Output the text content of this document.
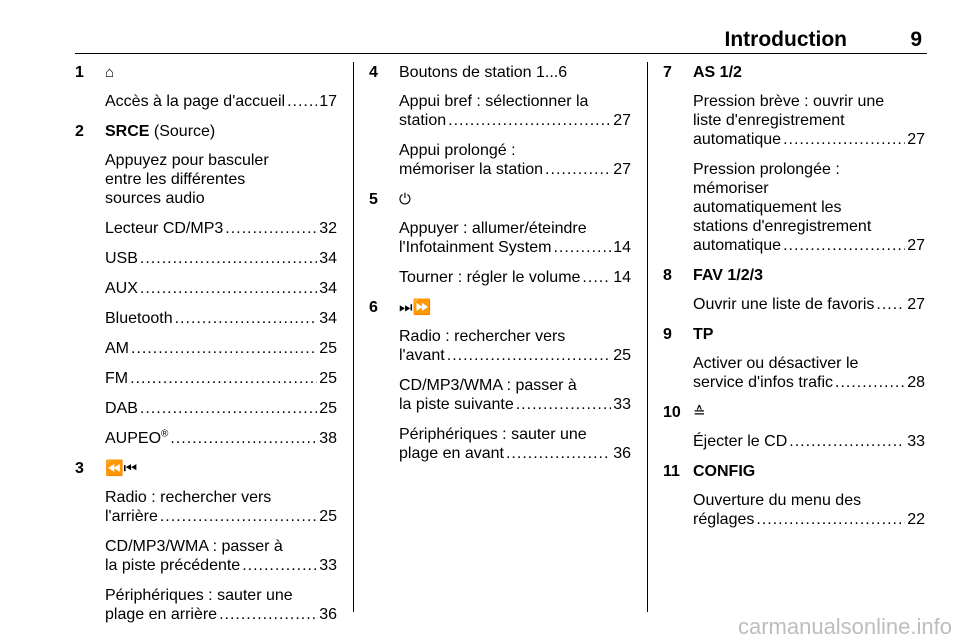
Introduction	9
1 ⌂
Accès à la page d'accueil ..... 17
2 SRCE (Source)
Appuyez pour basculer
entre les différentes
sources audio
Lecteur CD/MP3 .....	32
USB .....	34
AUX .....	34
Bluetooth .....	34
AM .....	25
FM .....	25
DAB .....	25
AUPEO® .....	38
3 ⏪⏮
Radio : rechercher vers
l'arrière .....	25
CD/MP3/WMA : passer à
la piste précédente .....	33
Périphériques : sauter une
plage en arrière .....	36
4 Boutons de station 1...6
Appui bref : sélectionner la
station .....	27
Appui prolongé :
mémoriser la station .....	27
5 ⏻
Appuyer : allumer/éteindre
l'Infotainment System .....	14
Tourner : régler le volume ..... 14
6 ⏭⏩
Radio : rechercher vers
l'avant .....	25
CD/MP3/WMA : passer à
la piste suivante .....	33
Périphériques : sauter une
plage en avant .....	36
7 AS 1/2
Pression brève : ouvrir une
liste d'enregistrement
automatique .....	27
Pression prolongée :
mémoriser
automatiquement les
stations d'enregistrement
automatique .....	27
8 FAV 1/2/3
Ouvrir une liste de favoris ..... 27
9 TP
Activer ou désactiver le
service d'infos trafic .....	28
10 ≙
Éjecter le CD .....	33
11 CONFIG
Ouverture du menu des
réglages .....	22
carmanualsonline.info
